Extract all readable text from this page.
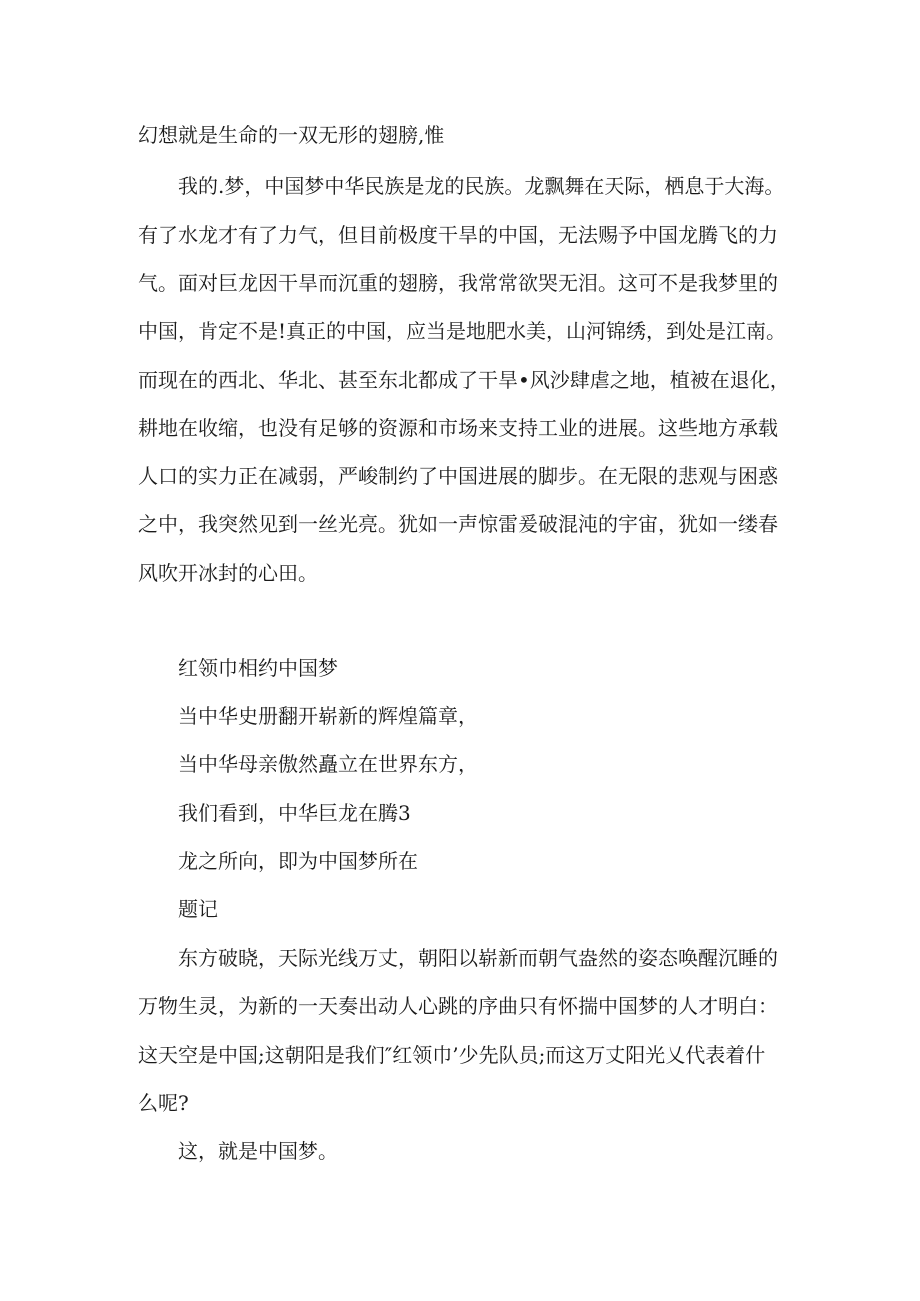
幻想就是生命的一双无形的翅膀,惟
我的.梦，中国梦中华民族是龙的民族。龙飘舞在天际，栖息于大海。
有了水龙才有了力气，但目前极度干旱的中国，无法赐予中国龙腾飞的力
气。面对巨龙因干旱而沉重的翅膀，我常常欲哭无泪。这可不是我梦里的
中国，肯定不是!真正的中国，应当是地肥水美，山河锦绣，到处是江南。
而现在的西北、华北、甚至东北都成了干旱•风沙肆虐之地，植被在退化，
耕地在收缩，也没有足够的资源和市场来支持工业的进展。这些地方承载
人口的实力正在减弱，严峻制约了中国进展的脚步。在无限的悲观与困惑
之中，我突然见到一丝光亮。犹如一声惊雷爰破混沌的宇宙，犹如一缕春
风吹开冰封的心田。
红领巾相约中国梦
当中华史册翻开崭新的辉煌篇章，
当中华母亲傲然矗立在世界东方，
我们看到，中华巨龙在腾3
龙之所向，即为中国梦所在
题记
东方破晓，天际光线万丈，朝阳以崭新而朝气盎然的姿态唤醒沉睡的
万物生灵，为新的一天奏出动人心跳的序曲只有怀揣中国梦的人才明白：
这天空是中国;这朝阳是我们″红领巾’少先队员;而这万丈阳光乂代表着什
么呢?
这，就是中国梦。
